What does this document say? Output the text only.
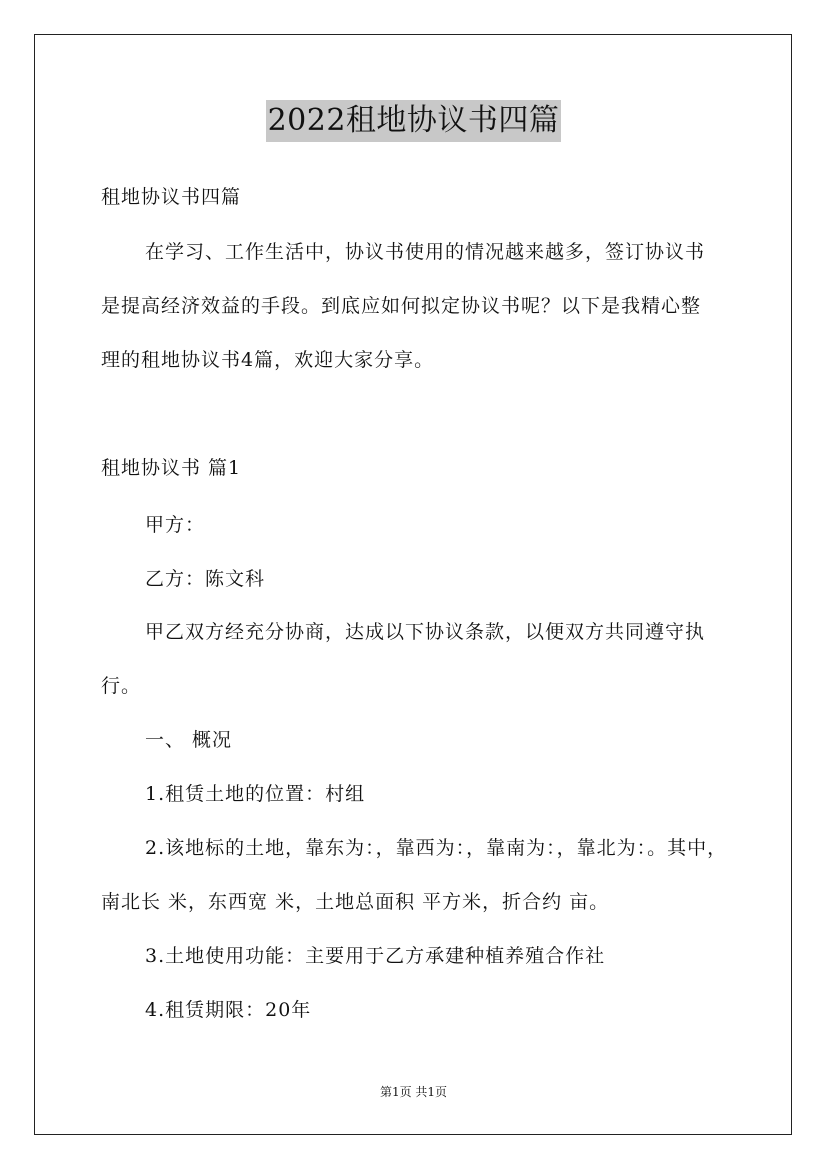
2022租地协议书四篇
租地协议书四篇
在学习、工作生活中，协议书使用的情况越来越多，签订协议书
是提高经济效益的手段。到底应如何拟定协议书呢？以下是我精心整
理的租地协议书4篇，欢迎大家分享。
租地协议书 篇1
甲方：
乙方：陈文科
甲乙双方经充分协商，达成以下协议条款，以便双方共同遵守执
行。
一、 概况
1.租赁土地的位置：村组
2.该地标的土地，靠东为：，靠西为：，靠南为：，靠北为：。其中，
南北长 米，东西宽 米，土地总面积 平方米，折合约 亩。
3.土地使用功能：主要用于乙方承建种植养殖合作社
4.租赁期限：20年
第1页 共1页
